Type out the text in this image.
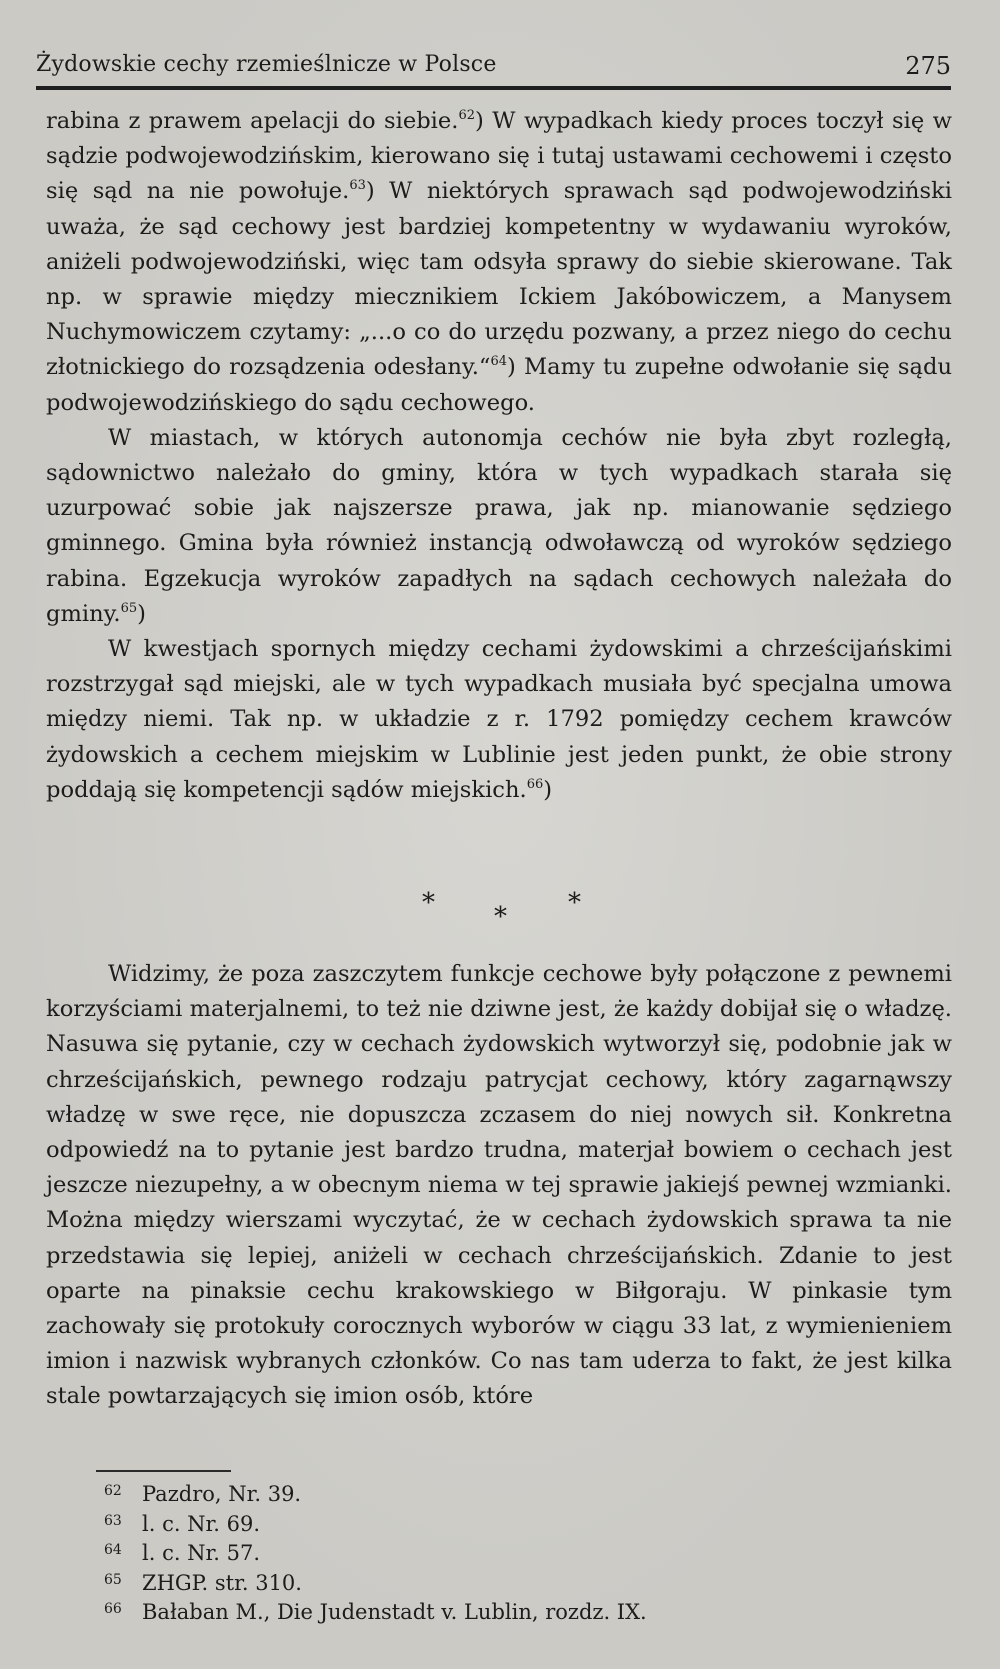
Żydowskie cechy rzemieślnicze w Polsce	275

rabina z prawem apelacji do siebie.$^{62}$) W wypadkach kiedy proces toczył się w sądzie podwojewodzińskim, kierowano się i tutaj ustawami cechowemi i często się sąd na nie powołuje.$^{63}$) W niektórych sprawach sąd podwojewodziński uważa, że sąd cechowy jest bardziej kompetentny w wydawaniu wyroków, aniżeli podwojewodziński, więc tam odsyła sprawy do siebie skierowane. Tak np. w sprawie między miecznikiem Ickiem Jakóbowiczem, a Manysem Nuchymowiczem czytamy: „...o co do urzędu pozwany, a przez niego do cechu złotnickiego do rozsądzenia odesłany.“$^{64}$) Mamy tu zupełne odwołanie się sądu podwojewodzińskiego do sądu cechowego.

W miastach, w których autonomja cechów nie była zbyt rozległą, sądownictwo należało do gminy, która w tych wypadkach starała się uzurpować sobie jak najszersze prawa, jak np. mianowanie sędziego gminnego. Gmina była również instancją odwoławczą od wyroków sędziego rabina. Egzekucja wyroków zapadłych na sądach cechowych należała do gminy.$^{65}$)

W kwestjach spornych między cechami żydowskimi a chrześcijańskimi rozstrzygał sąd miejski, ale w tych wypadkach musiała być specjalna umowa między niemi. Tak np. w układzie z r. 1792 pomiędzy cechem krawców żydowskich a cechem miejskim w Lublinie jest jeden punkt, że obie strony poddają się kompetencji sądów miejskich.$^{66}$)

* * *

Widzimy, że poza zaszczytem funkcje cechowe były połączone z pewnemi korzyściami materjalnemi, to też nie dziwne jest, że każdy dobijał się o władzę. Nasuwa się pytanie, czy w cechach żydowskich wytworzył się, podobnie jak w chrześcijańskich, pewnego rodzaju patrycjat cechowy, który zagarnąwszy władzę w swe ręce, nie dopuszcza zczasem do niej nowych sił. Konkretna odpowiedź na to pytanie jest bardzo trudna, materjał bowiem o cechach jest jeszcze niezupełny, a w obecnym niema w tej sprawie jakiejś pewnej wzmianki. Można między wierszami wyczytać, że w cechach żydowskich sprawa ta nie przedstawia się lepiej, aniżeli w cechach chrześcijańskich. Zdanie to jest oparte na pinaksie cechu krakowskiego w Biłgoraju. W pinkasie tym zachowały się protokuły corocznych wyborów w ciągu 33 lat, z wymienieniem imion i nazwisk wybranych członków. Co nas tam uderza to fakt, że jest kilka stale powtarzających się imion osób, które

62 Pazdro, Nr. 39.
63 l. c. Nr. 69.
64 l. c. Nr. 57.
65 ZHGP. str. 310.
66 Bałaban M., Die Judenstadt v. Lublin, rozdz. IX.
